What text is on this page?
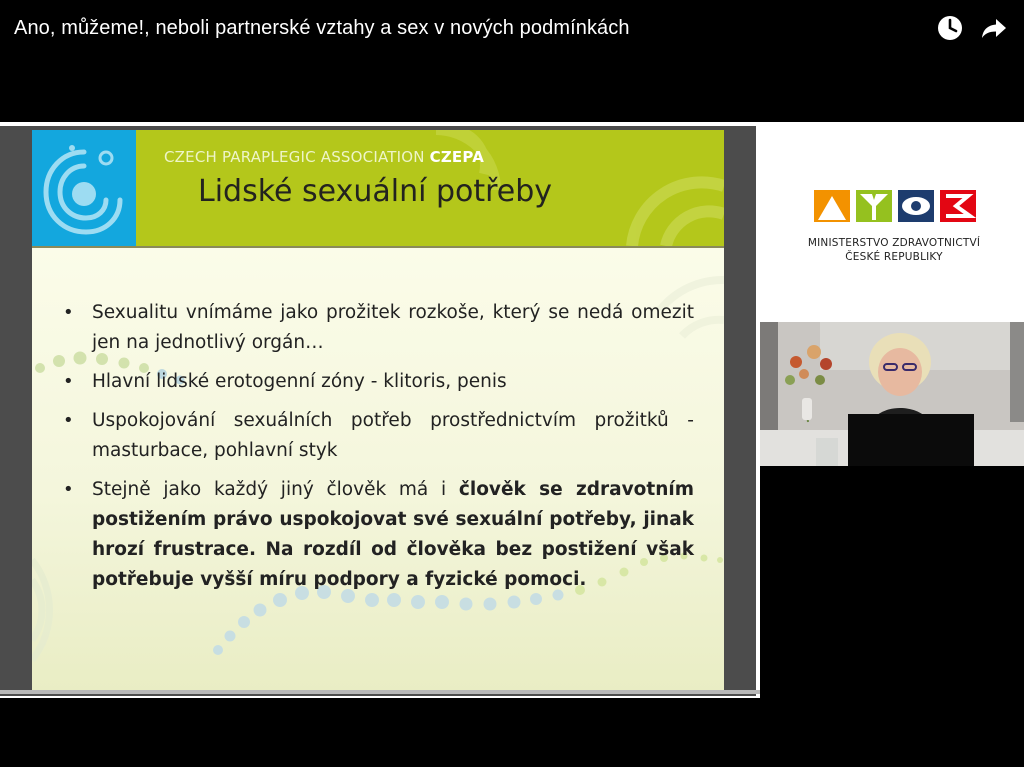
Ano, můžeme!, neboli partnerské vztahy a sex v nových podmínkách
CZECH PARAPLEGIC ASSOCIATION CZEPA
Lidské sexuální potřeby
• Sexualitu vnímáme jako prožitek rozkoše, který se nedá omezit jen na jednotlivý orgán…
• Hlavní lidské erotogenní zóny - klitoris, penis
• Uspokojování sexuálních potřeb prostřednictvím prožitků - masturbace, pohlavní styk
• Stejně jako každý jiný člověk má i člověk se zdravotním postižením právo uspokojovat své sexuální potřeby, jinak hrozí frustrace. Na rozdíl od člověka bez postižení však potřebuje vyšší míru podpory a fyzické pomoci.
MINISTERSTVO ZDRAVOTNICTVÍ
ČESKÉ REPUBLIKY
